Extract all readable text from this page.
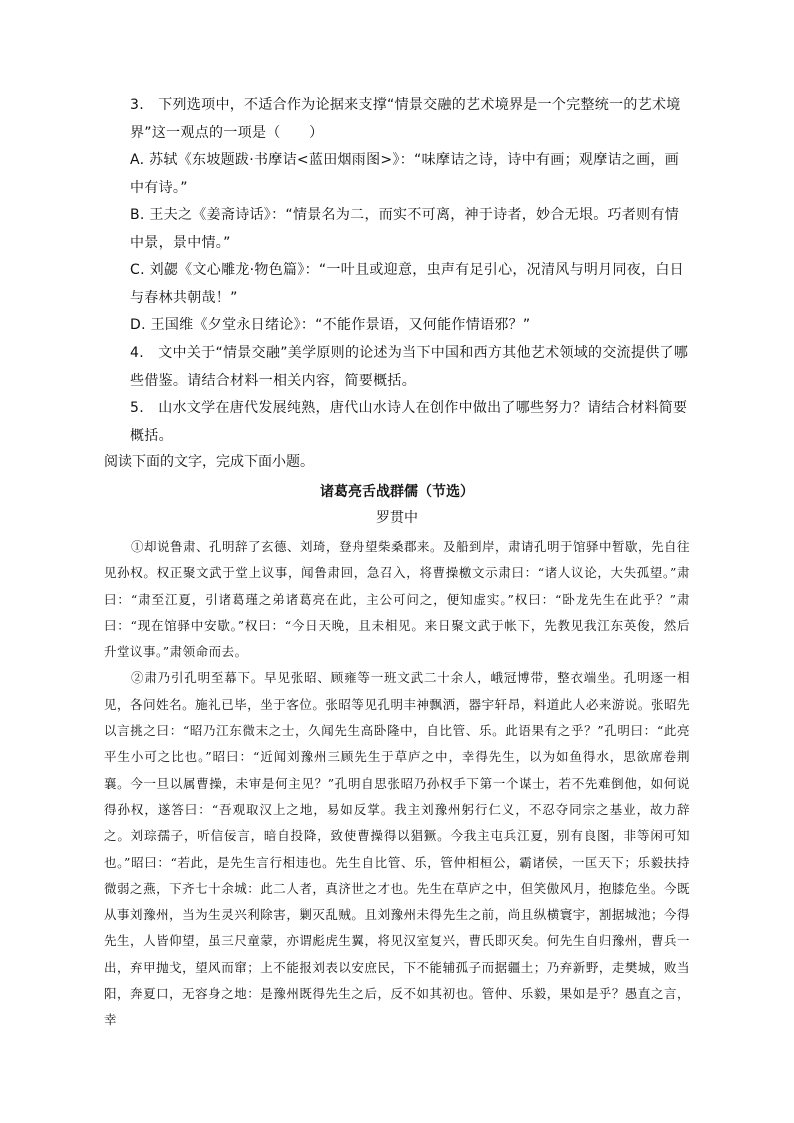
3.　下列选项中，不适合作为论据来支撑“情景交融的艺术境界是一个完整统一的艺术境界”这一观点的一项是（　　）

A. 苏轼《东坡题跋·书摩诘<蓝田烟雨图>》：“味摩诘之诗，诗中有画；观摩诘之画，画中有诗。”

B. 王夫之《姜斋诗话》：“情景名为二，而实不可离，神于诗者，妙合无垠。巧者则有情中景，景中情。”

C. 刘勰《文心雕龙·物色篇》：“一叶且或迎意，虫声有足引心，况清风与明月同夜，白日与春林共朝哉！”

D. 王国维《夕堂永日绪论》：“不能作景语，又何能作情语邪？”

4.　文中关于“情景交融”美学原则的论述为当下中国和西方其他艺术领域的交流提供了哪些借鉴。请结合材料一相关内容，简要概括。

5.　山水文学在唐代发展纯熟，唐代山水诗人在创作中做出了哪些努力？请结合材料简要概括。

阅读下面的文字，完成下面小题。
诸葛亮舌战群儒（节选）
罗贯中

①却说鲁肃、孔明辞了玄德、刘琦，登舟望柴桑郡来。及船到岸，肃请孔明于馆驿中暂歇，先自往见孙权。权正聚文武于堂上议事，闻鲁肃回，急召入，将曹操檄文示肃曰：“诸人议论，大失孤望。”肃曰：“肃至江夏，引诸葛瑾之弟诸葛亮在此，主公可问之，便知虚实。”权曰：“卧龙先生在此乎？”肃曰：“现在馆驿中安歇。”权曰：“今日天晚，且未相见。来日聚文武于帐下，先教见我江东英俊，然后升堂议事。”肃领命而去。

②肃乃引孔明至幕下。早见张昭、顾雍等一班文武二十余人，峨冠博带，整衣端坐。孔明逐一相见，各问姓名。施礼已毕，坐于客位。张昭等见孔明丰神飘洒，器宇轩昂，料道此人必来游说。张昭先以言挑之曰：“昭乃江东微末之士，久闻先生高卧隆中，自比管、乐。此语果有之乎？”孔明曰：“此亮平生小可之比也。”昭曰：“近闻刘豫州三顾先生于草庐之中，幸得先生，以为如鱼得水，思欲席卷荆襄。今一旦以属曹操，未审是何主见？”孔明自思张昭乃孙权手下第一个谋士，若不先难倒他，如何说得孙权，遂答曰：“吾观取汉上之地，易如反掌。我主刘豫州躬行仁义，不忍夺同宗之基业，故力辞之。刘琮孺子，听信佞言，暗自投降，致使曹操得以猖獗。今我主屯兵江夏，别有良图，非等闲可知也。”昭曰：“若此，是先生言行相违也。先生自比管、乐，管仲相桓公，霸诸侯，一匡天下；乐毅扶持微弱之燕，下齐七十余城：此二人者，真济世之才也。先生在草庐之中，但笑傲风月，抱膝危坐。今既从事刘豫州，当为生灵兴利除害，剿灭乱贼。且刘豫州未得先生之前，尚且纵横寰宇，割据城池；今得先生，人皆仰望，虽三尺童蒙，亦谓彪虎生翼，将见汉室复兴，曹氏即灭矣。何先生自归豫州，曹兵一出，弃甲抛戈，望风而窜；上不能报刘表以安庶民，下不能辅孤子而据疆土；乃弃新野，走樊城，败当阳，奔夏口，无容身之地：是豫州既得先生之后，反不如其初也。管仲、乐毅，果如是乎？愚直之言，幸
